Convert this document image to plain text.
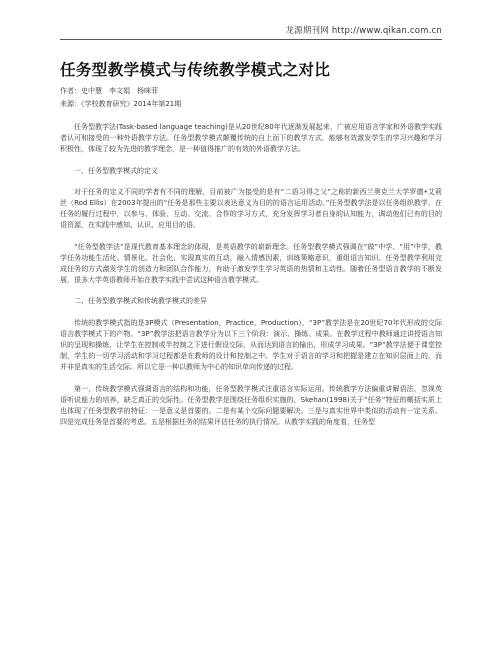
龙源期刊网 http://www.qikan.com.cn
任务型教学模式与传统教学模式之对比
作者：史中慧　李文娟　杨咪菲
来源：《学校教育研究》2014年第21期

任务型教学法(Task-based language teaching)是从20世纪80年代逐渐发展起来，广被应用语言学家和外语教学实践者认可和接受的一种外语教学方法。任务型教学模式颠覆传统的自上而下的教学方式，能够有效激发学生的学习兴趣和学习积极性，体现了较为先进的教学理念，是一种值得推广的有效的外语教学方法。

一、任务型教学模式的定义

对于任务的定义不同的学者有不同的理解，目前被广为接受的是有“二语习得之父”之称的新西兰奥克兰大学罗德•艾莉丝（Rod Ellis）在2003年提出的“任务是那些主要以表达意义为目的的语言运用活动。”任务型教学法是以任务组织教学，在任务的履行过程中，以参与、体验、互动、交流、合作的学习方式，充分发挥学习者自身的认知能力，调动他们已有的目的语资源，在实践中感知、认识、应用目的语。

“任务型教学法”是现代教育基本理念的体现，是英语教学的崭新理念。任务型教学模式强调在“做”中学、“用”中学，教学任务功能生活化、情景化、社会化，实现真实的互动，融入情感因素，训练策略意识，重组语言知识。任务型教学利用完成任务的方式激发学生的创造力和团队合作能力，有助于激发学生学习英语的热情和主动性。随着任务型语言教学的不断发展，很多大学英语教师开始在教学实践中尝试这种语言教学模式。

二、任务型教学模式和传统教学模式的差异

传统的教学模式指的是3P模式（Presentation，Practice，Production），“3P”教学法是在20世纪70年代形成的交际语言教学模式下的产物。“3P”教学法把语言教学分为以下三个阶段：演示、操练、成果。在教学过程中教师通过讲授语言知识的呈现和操练，让学生在控制或半控制之下进行假设交际，从而达到语言的输出，形成学习成果。“3P”教学法便于课堂控制，学生的一切学习活动和学习过程都是在教师的设计和控制之中。学生对于语言的学习和把握是建立在知识层面上的，而并非是真实的生活交际。所以它是一种以教师为中心的知识单向传递的过程。

第一，传统教学模式强调语言的结构和功能，任务型教学模式注重语言实际运用。传统教学方法偏重讲解语法，忽视英语听说能力的培养，缺乏真正的交际性。任务型教学是围绕任务组织实施的，Skehan(1998)关于“任务”特征的概括实质上也体现了任务型教学的特征：一是意义是首要的。二是有某个交际问题要解决。三是与真实世界中类似的活动有一定关系。四是完成任务是首要的考虑。五是根据任务的结果评估任务的执行情况。从教学实践的角度看，任务型
